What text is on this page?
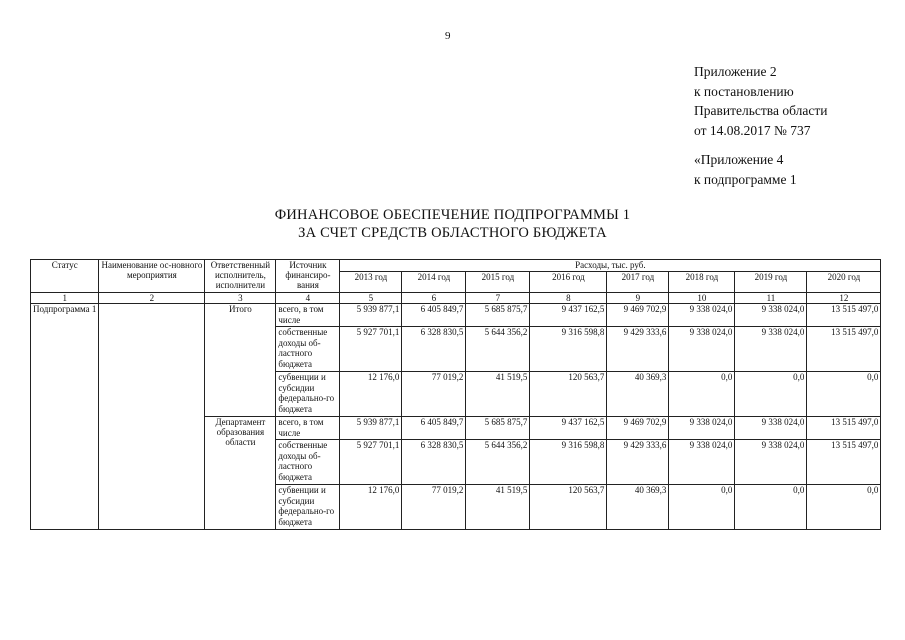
9
Приложение 2
к постановлению
Правительства области
от 14.08.2017 № 737
«Приложение 4
к подпрограмме 1
ФИНАНСОВОЕ ОБЕСПЕЧЕНИЕ ПОДПРОГРАММЫ 1
ЗА СЧЕТ СРЕДСТВ ОБЛАСТНОГО БЮДЖЕТА
Статус	Наименование ос-новного мероприятия	Ответственный исполнитель, исполнители	Источник финансиро-вания	Расходы, тыс. руб.							
				2013 год	2014 год	2015 год	2016 год	2017 год	2018 год	2019 год	2020 год
1	2	3	4	5	6	7	8	9	10	11	12
Подпрограмма 1		Итого	всего, в том числе	5 939 877,1	6 405 849,7	5 685 875,7	9 437 162,5	9 469 702,9	9 338 024,0	9 338 024,0	13 515 497,0
			собственные доходы об-ластного бюджета	5 927 701,1	6 328 830,5	5 644 356,2	9 316 598,8	9 429 333,6	9 338 024,0	9 338 024,0	13 515 497,0
			субвенции и субсидии федерально-го бюджета	12 176,0	77 019,2	41 519,5	120 563,7	40 369,3	0,0	0,0	0,0
		Департамент образования области	всего, в том числе	5 939 877,1	6 405 849,7	5 685 875,7	9 437 162,5	9 469 702,9	9 338 024,0	9 338 024,0	13 515 497,0
			собственные доходы об-ластного бюджета	5 927 701,1	6 328 830,5	5 644 356,2	9 316 598,8	9 429 333,6	9 338 024,0	9 338 024,0	13 515 497,0
			субвенции и субсидии федерально-го бюджета	12 176,0	77 019,2	41 519,5	120 563,7	40 369,3	0,0	0,0	0,0
